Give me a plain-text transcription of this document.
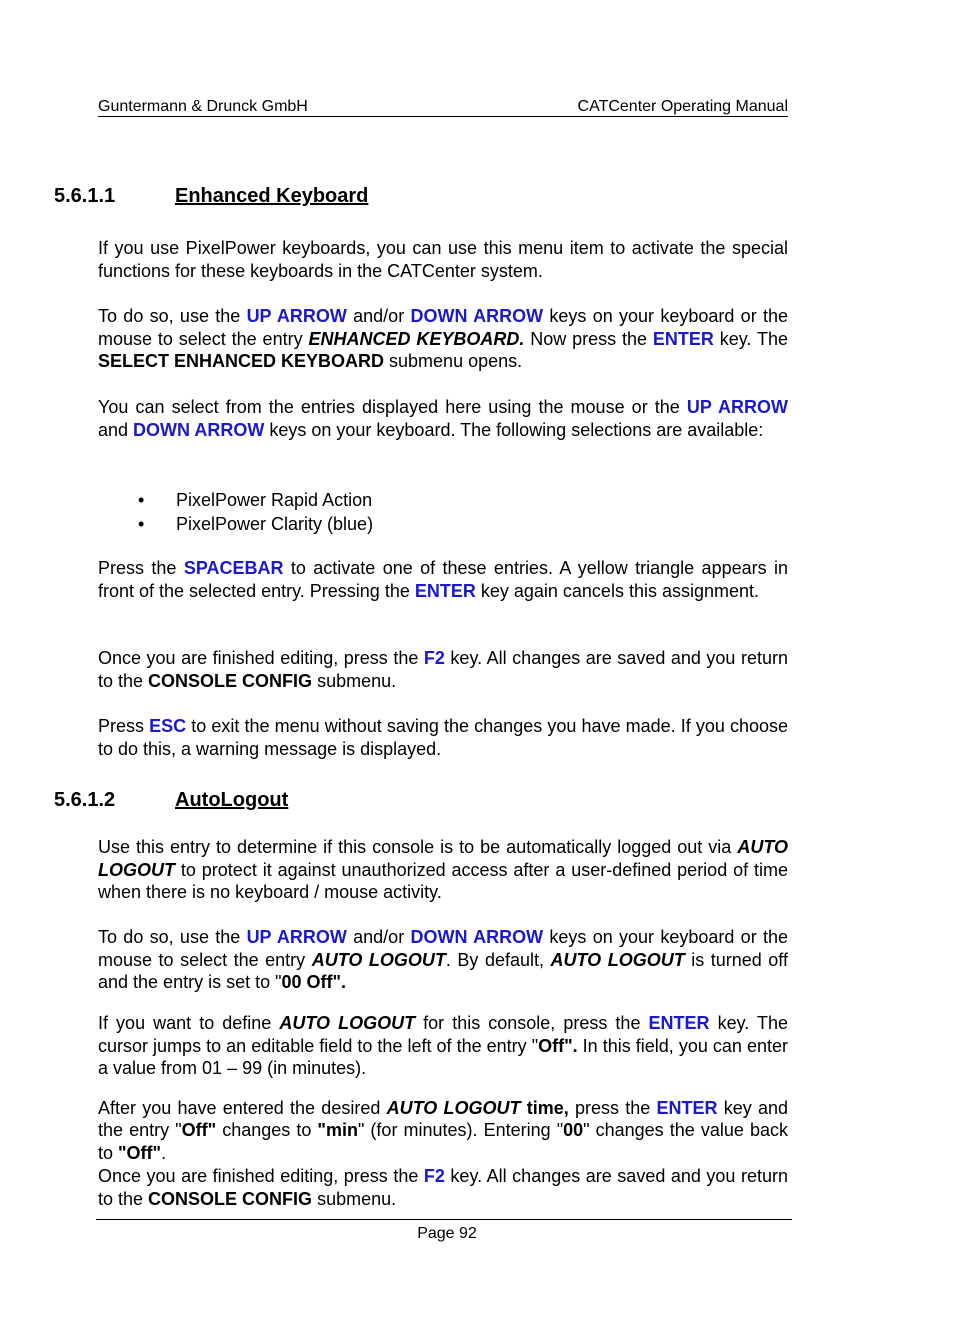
Guntermann & Drunck GmbH	CATCenter Operating Manual
5.6.1.1	Enhanced Keyboard

If you use PixelPower keyboards, you can use this menu item to activate the special functions for these keyboards in the CATCenter system.

To do so, use the UP ARROW and/or DOWN ARROW keys on your keyboard or the mouse to select the entry ENHANCED KEYBOARD. Now press the ENTER key. The SELECT ENHANCED KEYBOARD submenu opens.

You can select from the entries displayed here using the mouse or the UP ARROW and DOWN ARROW keys on your keyboard. The following selections are available:

• PixelPower Rapid Action
• PixelPower Clarity (blue)

Press the SPACEBAR to activate one of these entries. A yellow triangle appears in front of the selected entry. Pressing the ENTER key again cancels this assignment.

Once you are finished editing, press the F2 key. All changes are saved and you return to the CONSOLE CONFIG submenu.

Press ESC to exit the menu without saving the changes you have made. If you choose to do this, a warning message is displayed.

5.6.1.2	AutoLogout

Use this entry to determine if this console is to be automatically logged out via AUTO LOGOUT to protect it against unauthorized access after a user-defined period of time when there is no keyboard / mouse activity.

To do so, use the UP ARROW and/or DOWN ARROW keys on your keyboard or the mouse to select the entry AUTO LOGOUT. By default, AUTO LOGOUT is turned off and the entry is set to "00 Off".

If you want to define AUTO LOGOUT for this console, press the ENTER key. The cursor jumps to an editable field to the left of the entry "Off". In this field, you can enter a value from 01 – 99 (in minutes).

After you have entered the desired AUTO LOGOUT time, press the ENTER key and the entry "Off" changes to "min" (for minutes). Entering "00" changes the value back to "Off".

Once you are finished editing, press the F2 key. All changes are saved and you return to the CONSOLE CONFIG submenu.

Page 92
